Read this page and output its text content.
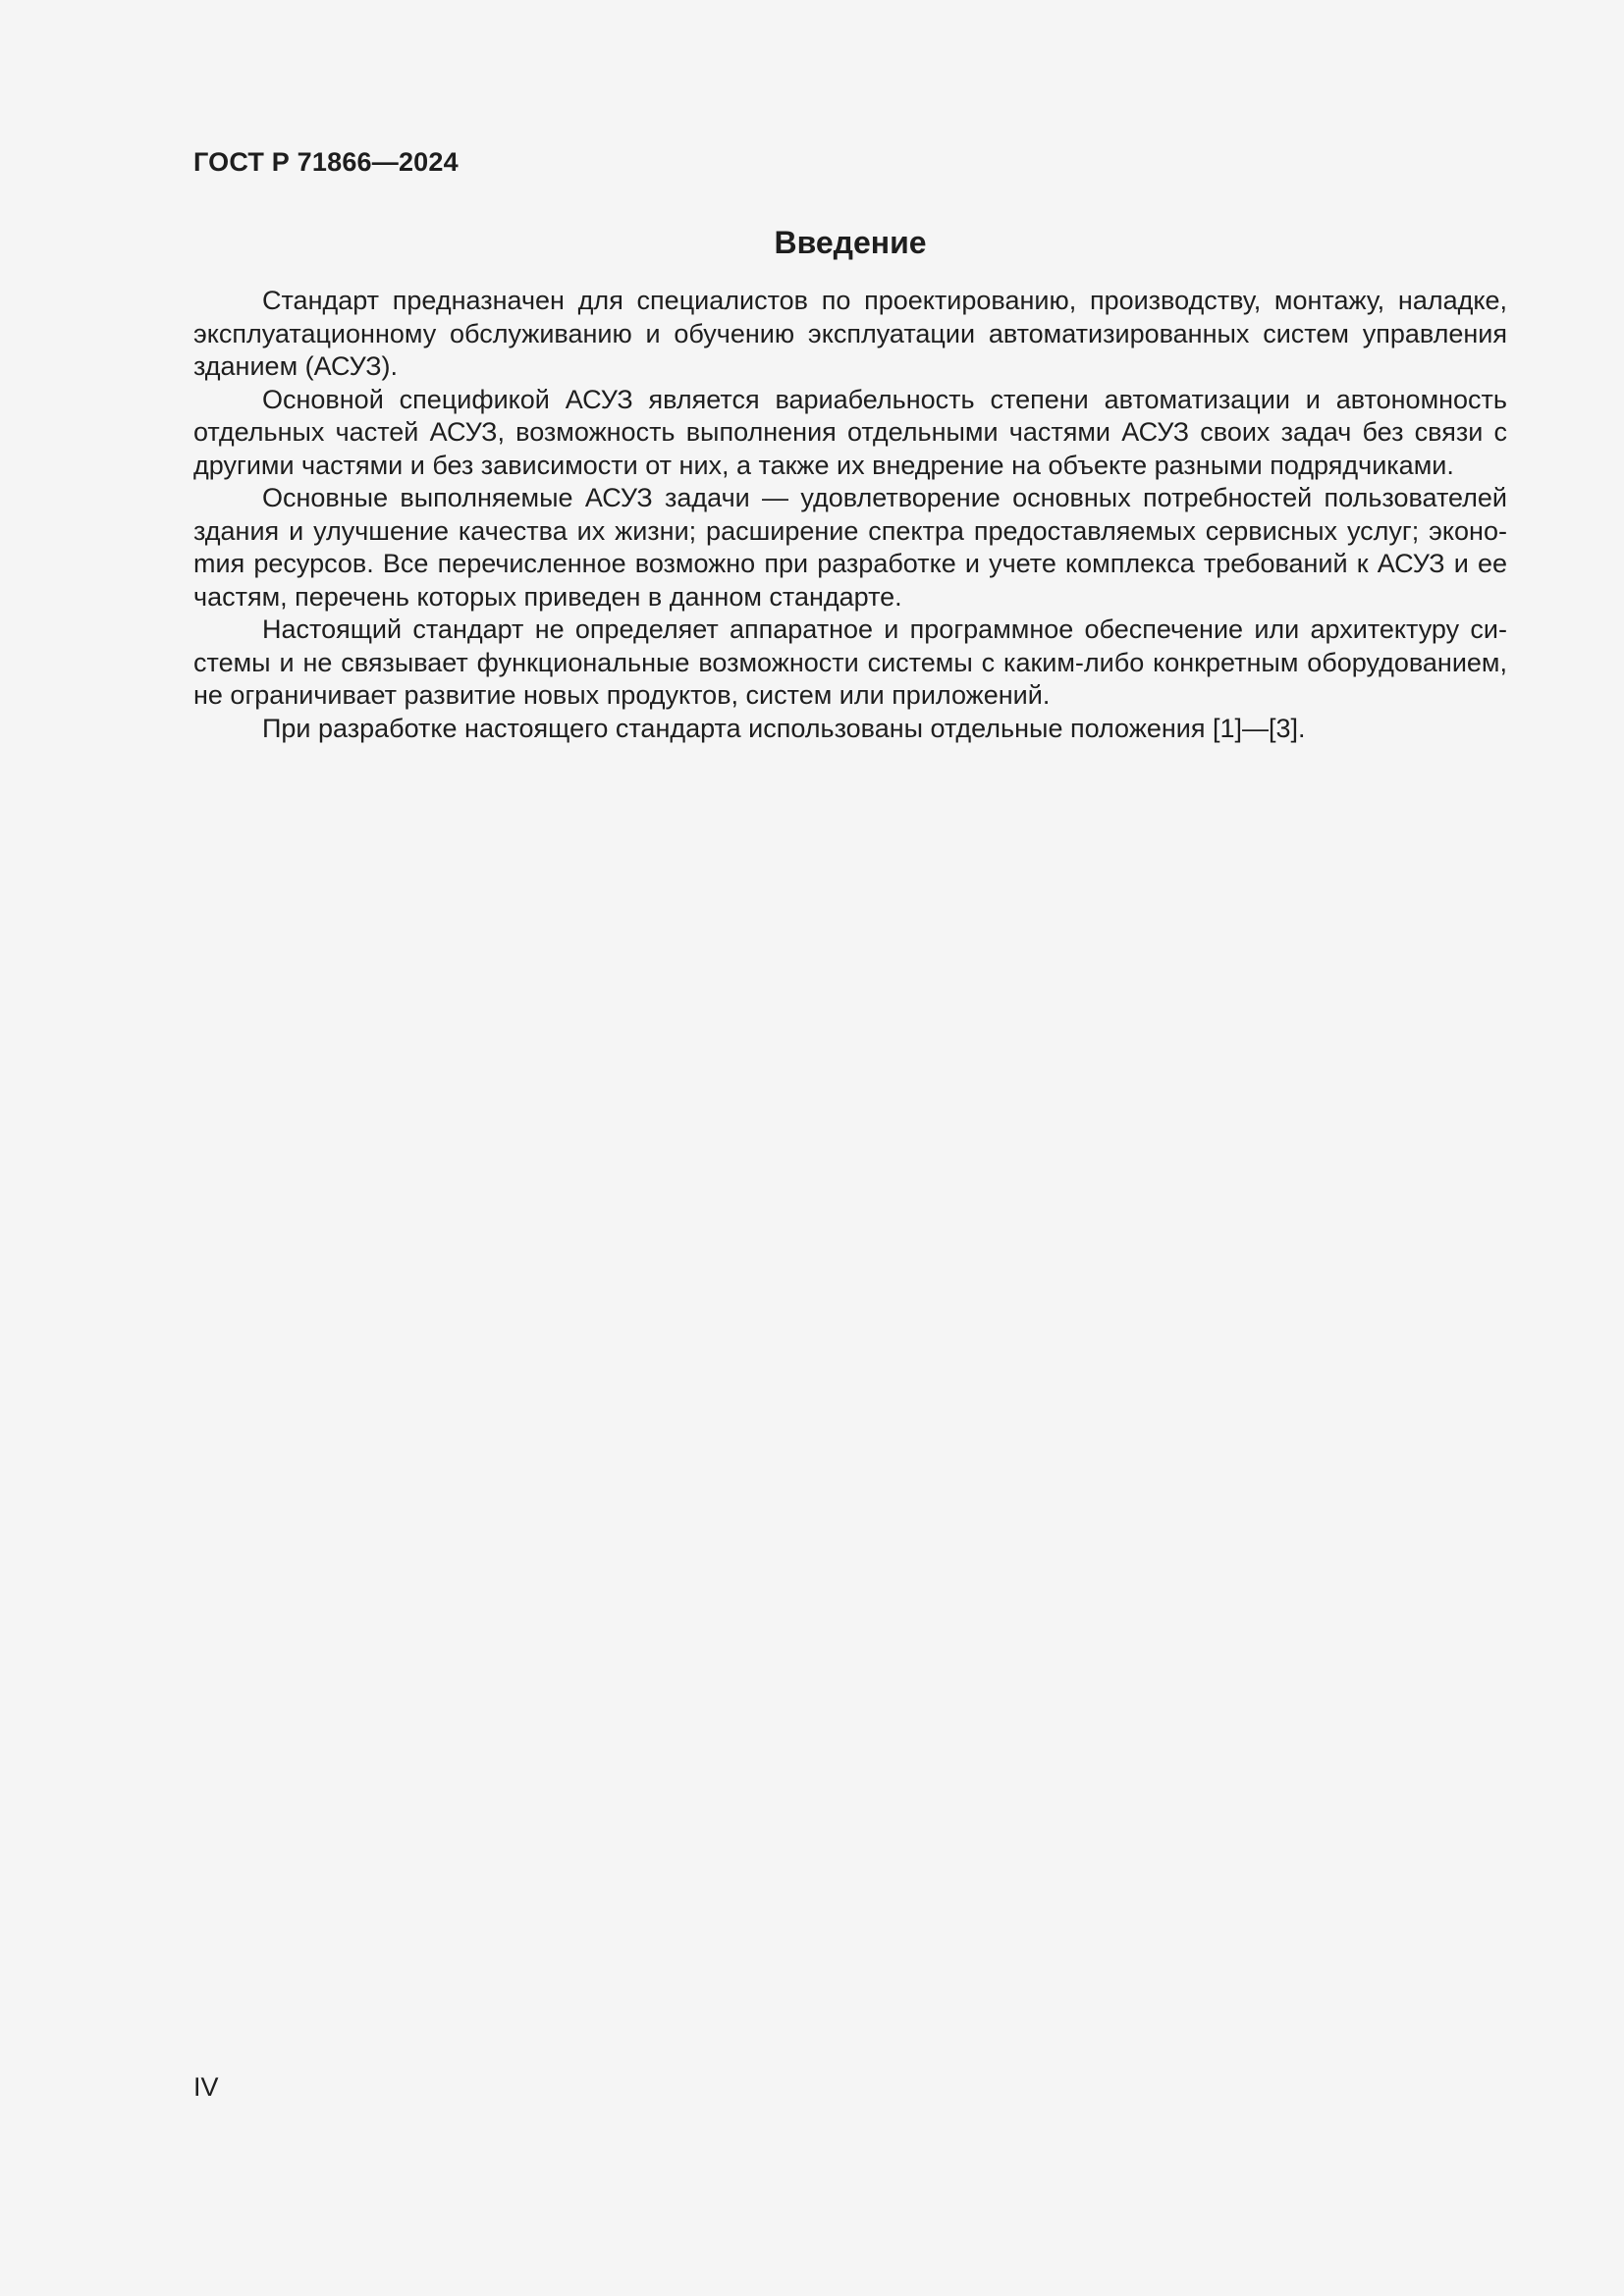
ГОСТ Р 71866—2024
Введение

Стандарт предназначен для специалистов по проектированию, производству, монтажу, наладке, эксплуатационному обслуживанию и обучению эксплуатации автоматизированных систем управления зданием (АСУЗ).

Основной спецификой АСУЗ является вариабельность степени автоматизации и автономность отдельных частей АСУЗ, возможность выполнения отдельными частями АСУЗ своих задач без связи с другими частями и без зависимости от них, а также их внедрение на объекте разными подрядчиками.

Основные выполняемые АСУЗ задачи — удовлетворение основных потребностей пользователей здания и улучшение качества их жизни; расширение спектра предоставляемых сервисных услуг; эконоmия ресурсов. Все перечисленное возможно при разработке и учете комплекса требований к АСУЗ и ее частям, перечень которых приведен в данном стандарте.

Настоящий стандарт не определяет аппаратное и программное обеспечение или архитектуру системы и не связывает функциональные возможности системы с каким-либо конкретным оборудованием, не ограничивает развитие новых продуктов, систем или приложений.

При разработке настоящего стандарта использованы отдельные положения [1]—[3].

IV
